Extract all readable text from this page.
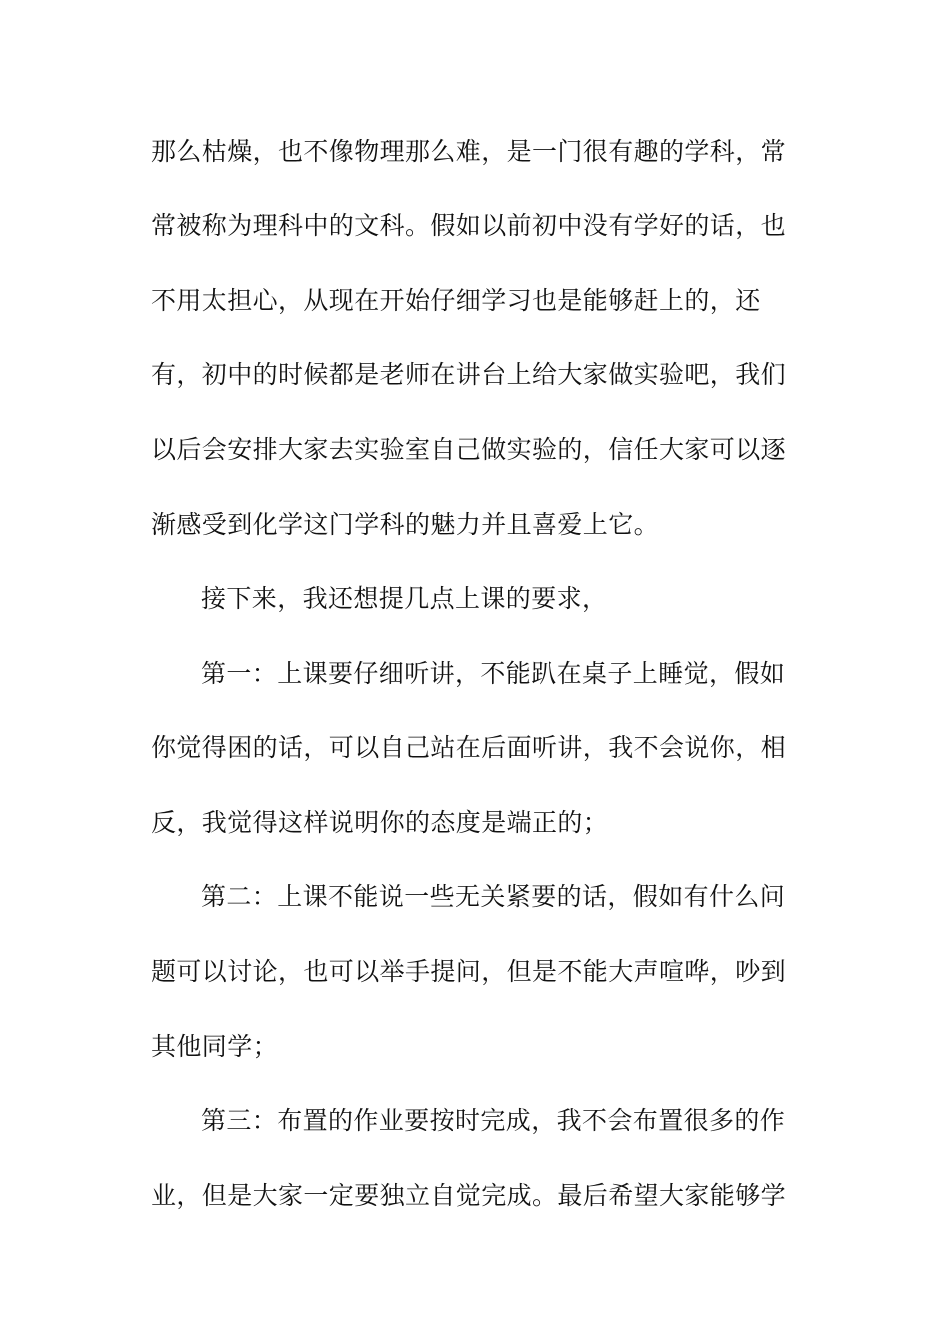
那么枯燥，也不像物理那么难，是一门很有趣的学科，常
常被称为理科中的文科。假如以前初中没有学好的话，也
不用太担心，从现在开始仔细学习也是能够赶上的，还
有，初中的时候都是老师在讲台上给大家做实验吧，我们
以后会安排大家去实验室自己做实验的，信任大家可以逐
渐感受到化学这门学科的魅力并且喜爱上它。
接下来，我还想提几点上课的要求，
第一：上课要仔细听讲，不能趴在桌子上睡觉，假如
你觉得困的话，可以自己站在后面听讲，我不会说你，相
反，我觉得这样说明你的态度是端正的；
第二：上课不能说一些无关紧要的话，假如有什么问
题可以讨论，也可以举手提问，但是不能大声喧哗，吵到
其他同学；
第三：布置的作业要按时完成，我不会布置很多的作
业，但是大家一定要独立自觉完成。最后希望大家能够学
